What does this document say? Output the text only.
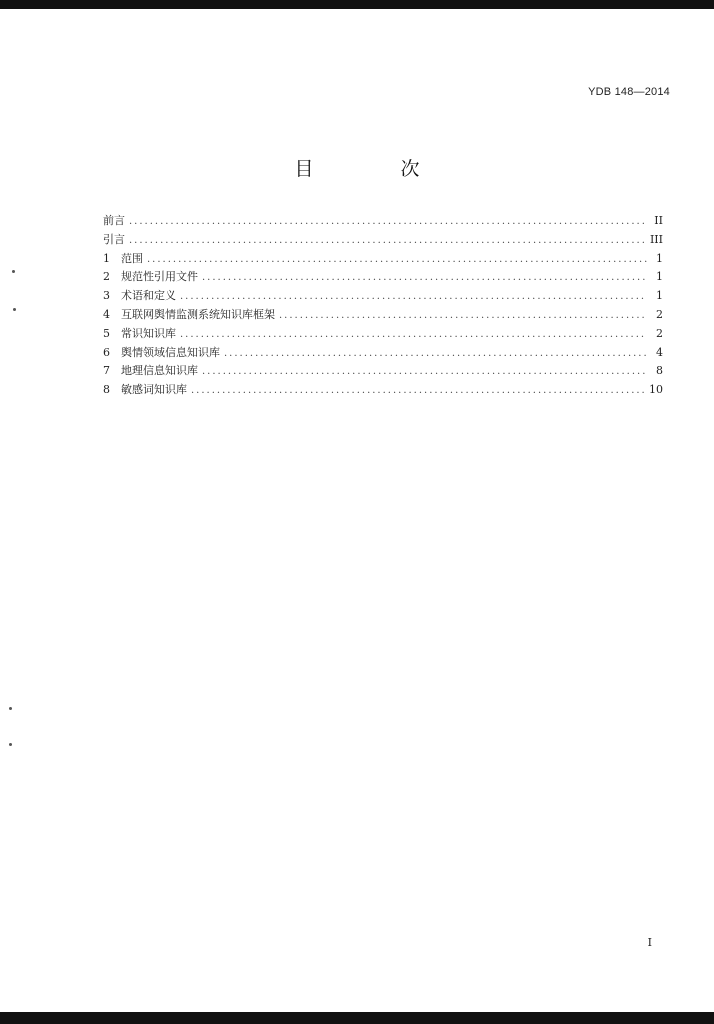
YDB 148—2014
目　次
前言 .....	II
引言 .....	III
1	范围 .....	1
2	规范性引用文件 .....	1
3	术语和定义 .....	1
4	互联网舆情监测系统知识库框架 .....	2
5	常识知识库 .....	2
6	舆情领域信息知识库 .....	4
7	地理信息知识库 .....	8
8	敏感词知识库 .....	10
I
